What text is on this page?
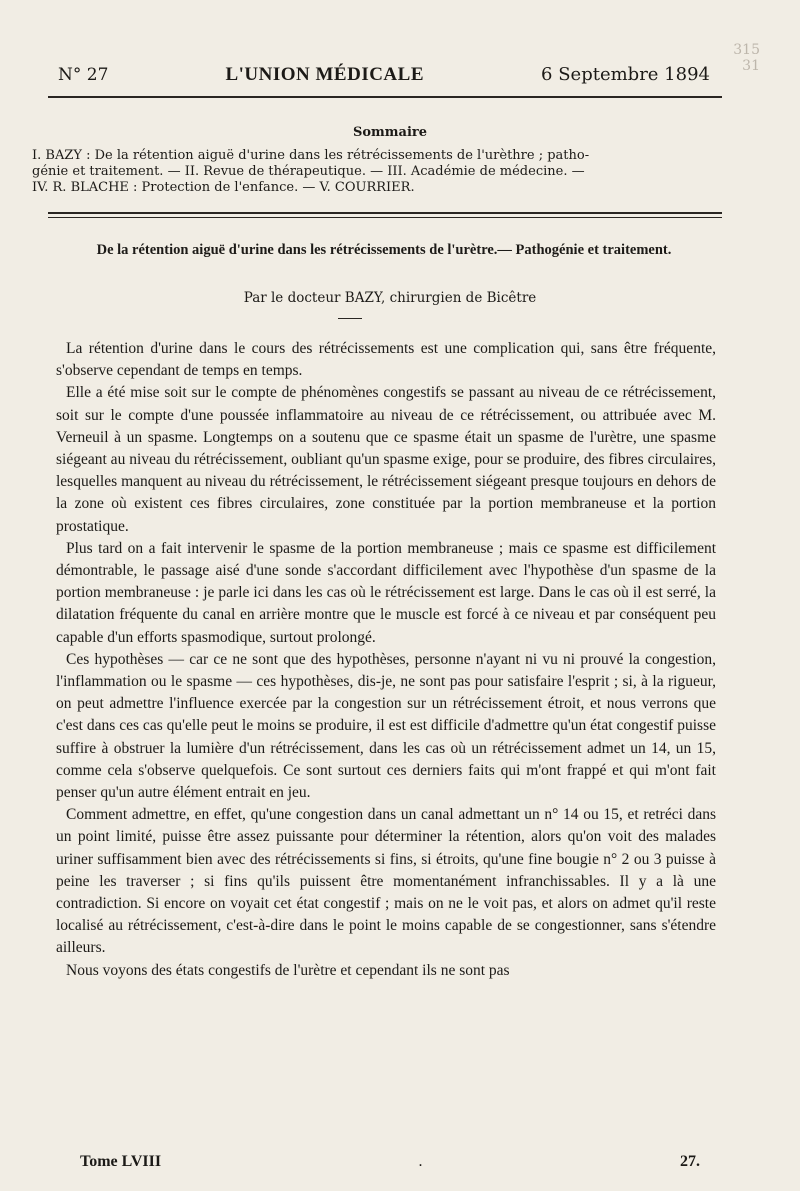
315
31
N° 27	L'UNION MÉDICALE	6 Septembre 1894
Sommaire

I. BAZY : De la rétention aiguë d'urine dans les rétrécissements de l'urèthre ; patho-

génie et traitement. — II. Revue de thérapeutique. — III. Académie de médecine. —

IV. R. BLACHE : Protection de l'enfance. — V. COURRIER.

De la rétention aiguë d'urine dans les rétrécissements de l'urètre.— Pathogénie et traitement.
Par le docteur BAZY, chirurgien de Bicêtre

La rétention d'urine dans le cours des rétrécissements est une complication qui, sans être fréquente, s'observe cependant de temps en temps.

Elle a été mise soit sur le compte de phénomènes congestifs se passant au niveau de ce rétrécissement, soit sur le compte d'une poussée inflammatoire au niveau de ce rétrécissement, ou attribuée avec M. Verneuil à un spasme. Longtemps on a soutenu que ce spasme était un spasme de l'urètre, une spasme siégeant au niveau du rétrécissement, oubliant qu'un spasme exige, pour se produire, des fibres circulaires, lesquelles manquent au niveau du rétrécissement, le rétrécissement siégeant presque toujours en dehors de la zone où existent ces fibres circulaires, zone constituée par la portion membraneuse et la portion prostatique.

Plus tard on a fait intervenir le spasme de la portion membraneuse ; mais ce spasme est difficilement démontrable, le passage aisé d'une sonde s'accordant difficilement avec l'hypothèse d'un spasme de la portion membraneuse : je parle ici dans les cas où le rétrécissement est large. Dans le cas où il est serré, la dilatation fréquente du canal en arrière montre que le muscle est forcé à ce niveau et par conséquent peu capable d'un efforts spasmodique, surtout prolongé.

Ces hypothèses — car ce ne sont que des hypothèses, personne n'ayant ni vu ni prouvé la congestion, l'inflammation ou le spasme — ces hypothèses, dis-je, ne sont pas pour satisfaire l'esprit ; si, à la rigueur, on peut admettre l'influence exercée par la congestion sur un rétrécissement étroit, et nous verrons que c'est dans ces cas qu'elle peut le moins se produire, il est est difficile d'admettre qu'un état congestif puisse suffire à obstruer la lumière d'un rétrécissement, dans les cas où un rétrécissement admet un 14, un 15, comme cela s'observe quelquefois. Ce sont surtout ces derniers faits qui m'ont frappé et qui m'ont fait penser qu'un autre élément entrait en jeu.

Comment admettre, en effet, qu'une congestion dans un canal admettant un n° 14 ou 15, et retréci dans un point limité, puisse être assez puissante pour déterminer la rétention, alors qu'on voit des malades uriner suffisamment bien avec des rétrécissements si fins, si étroits, qu'une fine bougie n° 2 ou 3 puisse à peine les traverser ; si fins qu'ils puissent être momentanément infranchissables. Il y a là une contradiction. Si encore on voyait cet état congestif ; mais on ne le voit pas, et alors on admet qu'il reste localisé au rétrécissement, c'est-à-dire dans le point le moins capable de se congestionner, sans s'étendre ailleurs.

Nous voyons des états congestifs de l'urètre et cependant ils ne sont pas

Tome LVIII	.	27.
